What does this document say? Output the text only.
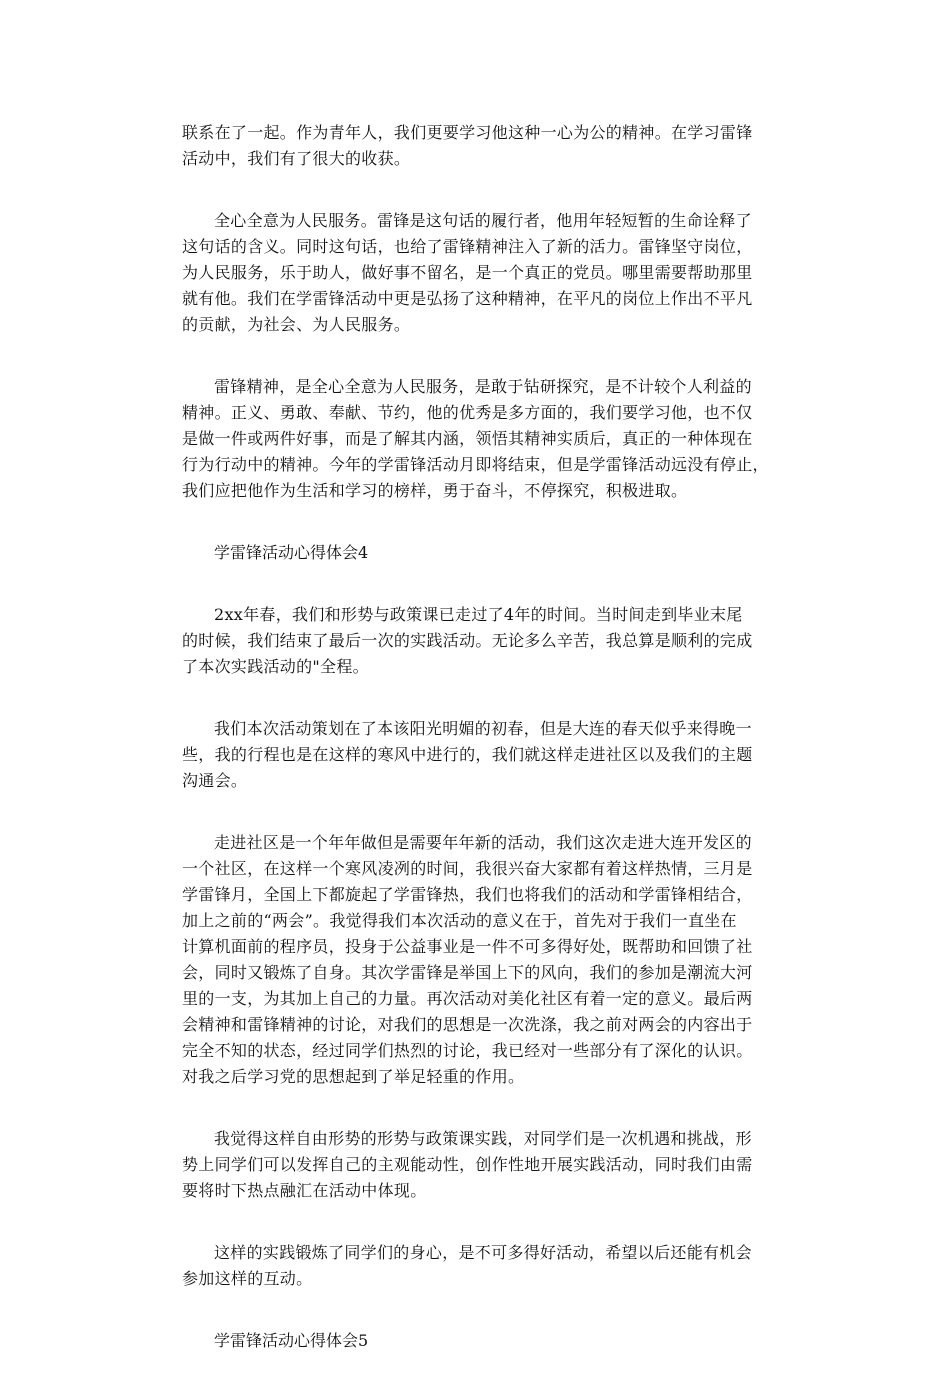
联系在了一起。作为青年人，我们更要学习他这种一心为公的精神。在学习雷锋
活动中，我们有了很大的收获。
全心全意为人民服务。雷锋是这句话的履行者，他用年轻短暂的生命诠释了
这句话的含义。同时这句话，也给了雷锋精神注入了新的活力。雷锋坚守岗位，
为人民服务，乐于助人，做好事不留名，是一个真正的党员。哪里需要帮助那里
就有他。我们在学雷锋活动中更是弘扬了这种精神，在平凡的岗位上作出不平凡
的贡献，为社会、为人民服务。
雷锋精神，是全心全意为人民服务，是敢于钻研探究，是不计较个人利益的
精神。正义、勇敢、奉献、节约，他的优秀是多方面的，我们要学习他，也不仅
是做一件或两件好事，而是了解其内涵，领悟其精神实质后，真正的一种体现在
行为行动中的精神。今年的学雷锋活动月即将结束，但是学雷锋活动远没有停止，
我们应把他作为生活和学习的榜样，勇于奋斗，不停探究，积极进取。
学雷锋活动心得体会4
2xx年春，我们和形势与政策课已走过了4年的时间。当时间走到毕业末尾
的时候，我们结束了最后一次的实践活动。无论多么辛苦，我总算是顺利的完成
了本次实践活动的"全程。
我们本次活动策划在了本该阳光明媚的初春，但是大连的春天似乎来得晚一
些，我的行程也是在这样的寒风中进行的，我们就这样走进社区以及我们的主题
沟通会。
走进社区是一个年年做但是需要年年新的活动，我们这次走进大连开发区的
一个社区，在这样一个寒风凌冽的时间，我很兴奋大家都有着这样热情，三月是
学雷锋月，全国上下都旋起了学雷锋热，我们也将我们的活动和学雷锋相结合，
加上之前的“两会”。我觉得我们本次活动的意义在于，首先对于我们一直坐在
计算机面前的程序员，投身于公益事业是一件不可多得好处，既帮助和回馈了社
会，同时又锻炼了自身。其次学雷锋是举国上下的风向，我们的参加是潮流大河
里的一支，为其加上自己的力量。再次活动对美化社区有着一定的意义。最后两
会精神和雷锋精神的讨论，对我们的思想是一次洗涤，我之前对两会的内容出于
完全不知的状态，经过同学们热烈的讨论，我已经对一些部分有了深化的认识。
对我之后学习党的思想起到了举足轻重的作用。
我觉得这样自由形势的形势与政策课实践，对同学们是一次机遇和挑战，形
势上同学们可以发挥自己的主观能动性，创作性地开展实践活动，同时我们由需
要将时下热点融汇在活动中体现。
这样的实践锻炼了同学们的身心，是不可多得好活动，希望以后还能有机会
参加这样的互动。
学雷锋活动心得体会5
